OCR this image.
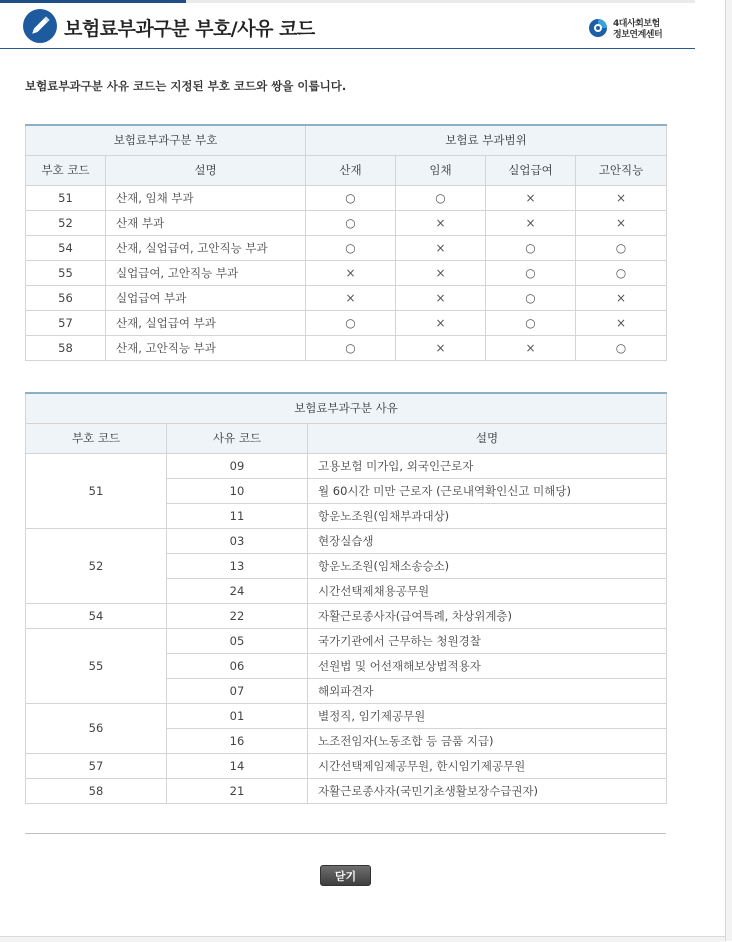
보험료부과구분 부호/사유 코드	4대사회보험
정보연계센터
보험료부과구분 사유 코드는 지정된 부호 코드와 쌍을 이룹니다.
보험료부과구분 부호		보험료 부과범위			
부호 코드	설명	산재	임채	실업급여	고안직능
51	산재, 임채 부과	○	○	×	×
52	산재 부과	○	×	×	×
54	산재, 실업급여, 고안직능 부과	○	×	○	○
55	실업급여, 고안직능 부과	×	×	○	○
56	실업급여 부과	×	×	○	×
57	산재, 실업급여 부과	○	×	○	×
58	산재, 고안직능 부과	○	×	×	○
보험료부과구분 사유		
부호 코드	사유 코드	설명
51	09	고용보험 미가입, 외국인근로자
	10	월 60시간 미만 근로자 (근로내역확인신고 미해당)
	11	항운노조원(임채부과대상)
52	03	현장실습생
	13	항운노조원(임채소송승소)
	24	시간선택제채용공무원
54	22	자활근로종사자(급여특례, 차상위계층)
55	05	국가기관에서 근무하는 청원경찰
	06	선원법 및 어선재해보상법적용자
	07	해외파견자
56	01	별정직, 임기제공무원
	16	노조전임자(노동조합 등 금품 지급)
57	14	시간선택제임제공무원, 한시임기제공무원
58	21	자활근로종사자(국민기초생활보장수급권자)
닫기
